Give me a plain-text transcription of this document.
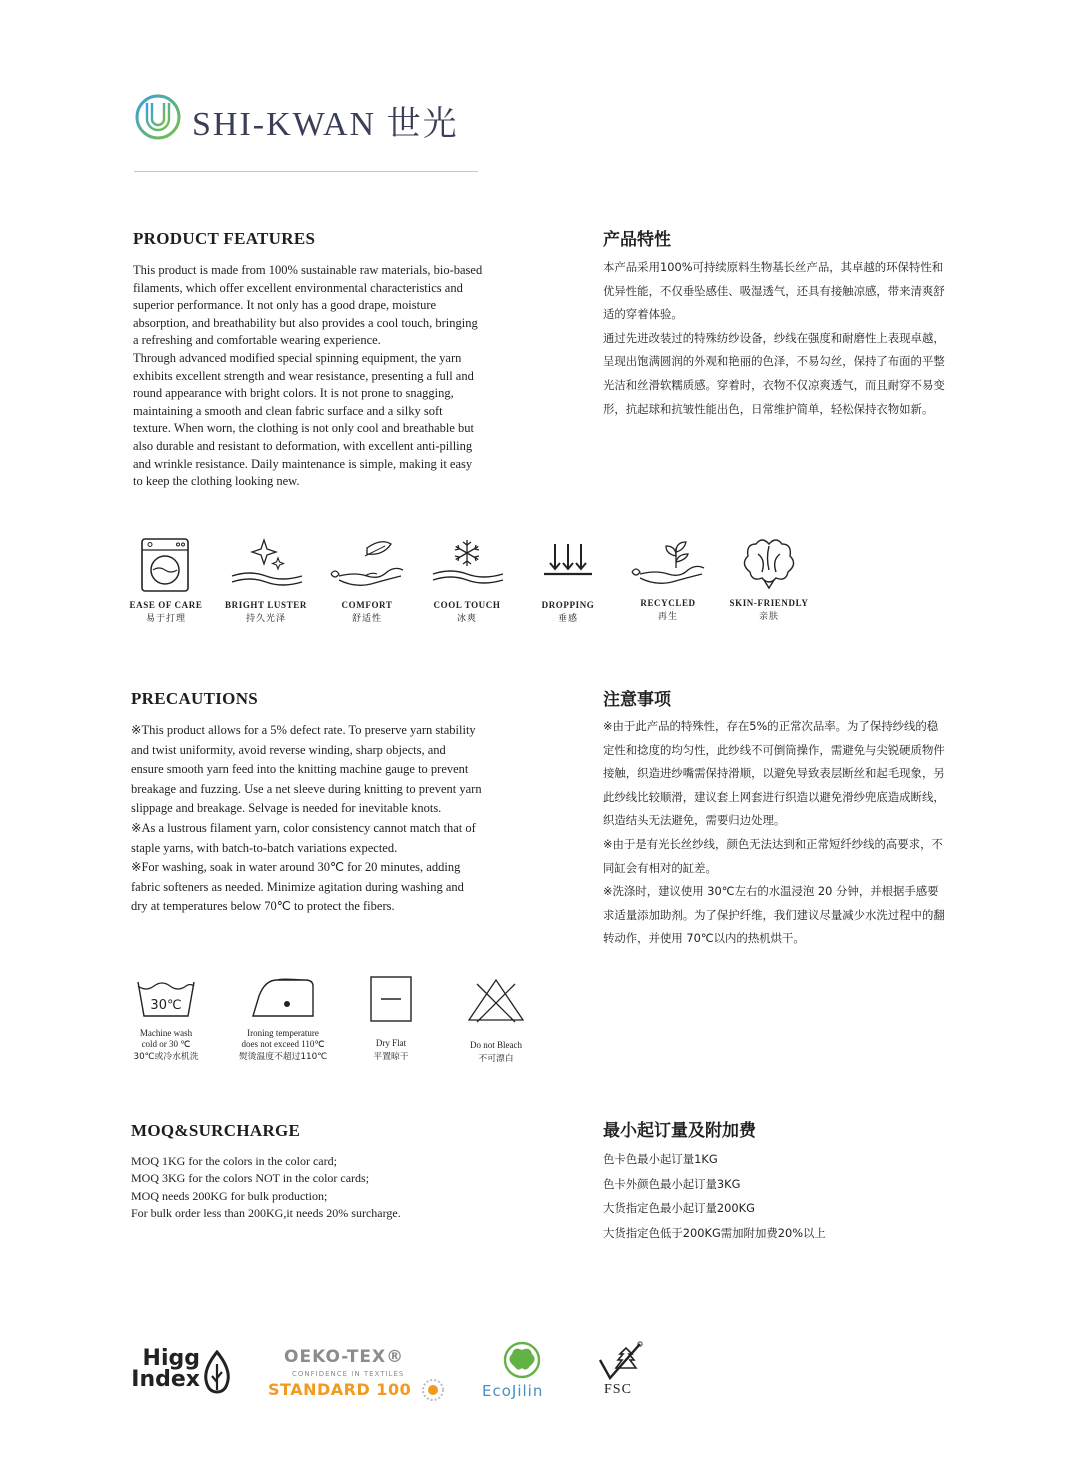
SHI-KWAN 世光
PRODUCT FEATURES	产品特性

This product is made from 100% sustainable raw materials, bio-based

filaments, which offer excellent environmental characteristics and

superior performance. It not only has a good drape, moisture

absorption, and breathability but also provides a cool touch, bringing

a refreshing and comfortable wearing experience.

Through advanced modified special spinning equipment, the yarn

exhibits excellent strength and wear resistance, presenting a full and

round appearance with bright colors. It is not prone to snagging,

maintaining a smooth and clean fabric surface and a silky soft

texture. When worn, the clothing is not only cool and breathable but

also durable and resistant to deformation, with excellent anti-pilling

and wrinkle resistance. Daily maintenance is simple, making it easy

to keep the clothing looking new.

本产品采用100%可持续原料生物基长丝产品，其卓越的环保特性和

优异性能，不仅垂坠感佳、吸湿透气，还具有接触凉感，带来清爽舒

适的穿着体验。

通过先进改装过的特殊纺纱设备，纱线在强度和耐磨性上表现卓越，

呈现出饱满圆润的外观和艳丽的色泽，不易勾丝，保持了布面的平整

光洁和丝滑软糯质感。穿着时，衣物不仅凉爽透气，而且耐穿不易变

形，抗起球和抗皱性能出色，日常维护简单，轻松保持衣物如新。

EASE OF CARE
易于打理
BRIGHT LUSTER
持久光泽
COMFORT
舒适性
COOL TOUCH
冰爽
DROPPING
垂感
RECYCLED
再生
SKIN-FRIENDLY
亲肤
PRECAUTIONS	注意事项

※This product allows for a 5% defect rate. To preserve yarn stability

and twist uniformity, avoid reverse winding, sharp objects, and

ensure smooth yarn feed into the knitting machine gauge to prevent

breakage and fuzzing. Use a net sleeve during knitting to prevent yarn

slippage and breakage. Selvage is needed for inevitable knots.

※As a lustrous filament yarn, color consistency cannot match that of

staple yarns, with batch-to-batch variations expected.

※For washing, soak in water around 30℃ for 20 minutes, adding

fabric softeners as needed. Minimize agitation during washing and

dry at temperatures below 70℃ to protect the fibers.

※由于此产品的特殊性，存在5%的正常次品率。为了保持纱线的稳

定性和捻度的均匀性，此纱线不可倒筒操作，需避免与尖锐硬质物件

接触，织造进纱嘴需保持滑顺，以避免导致表层断丝和起毛现象，另

此纱线比较顺滑，建议套上网套进行织造以避免滑纱兜底造成断线，

织造结头无法避免，需要归边处理。

※由于是有光长丝纱线，颜色无法达到和正常短纤纱线的高要求，不

同缸会有相对的缸差。

※洗涤时，建议使用 30℃左右的水温浸泡 20 分钟，并根据手感要

求适量添加助剂。为了保护纤维，我们建议尽量减少水洗过程中的翻

转动作，并使用 70℃以内的热机烘干。

30℃
Machine wash
cold or 30 ℃
30℃或冷水机洗
Ironing temperature
does not exceed 110℃
熨烫温度不超过110℃
Dry Flat
平置晾干
Do not Bleach
不可漂白
MOQ&SURCHARGE	最小起订量及附加费
MOQ 1KG for the colors in the color card;
MOQ 3KG for the colors NOT in the color cards;
MOQ needs 200KG for bulk production;
For bulk order less than 200KG,it needs 20% surcharge.
色卡色最小起订量1KG
色卡外颜色最小起订量3KG
大货指定色最小起订量200KG
大货指定色低于200KG需加附加费20%以上
Higg
Index
OEKO-TEX®
CONFIDENCE IN TEXTILES
STANDARD 100	EcoJilin	FSC
